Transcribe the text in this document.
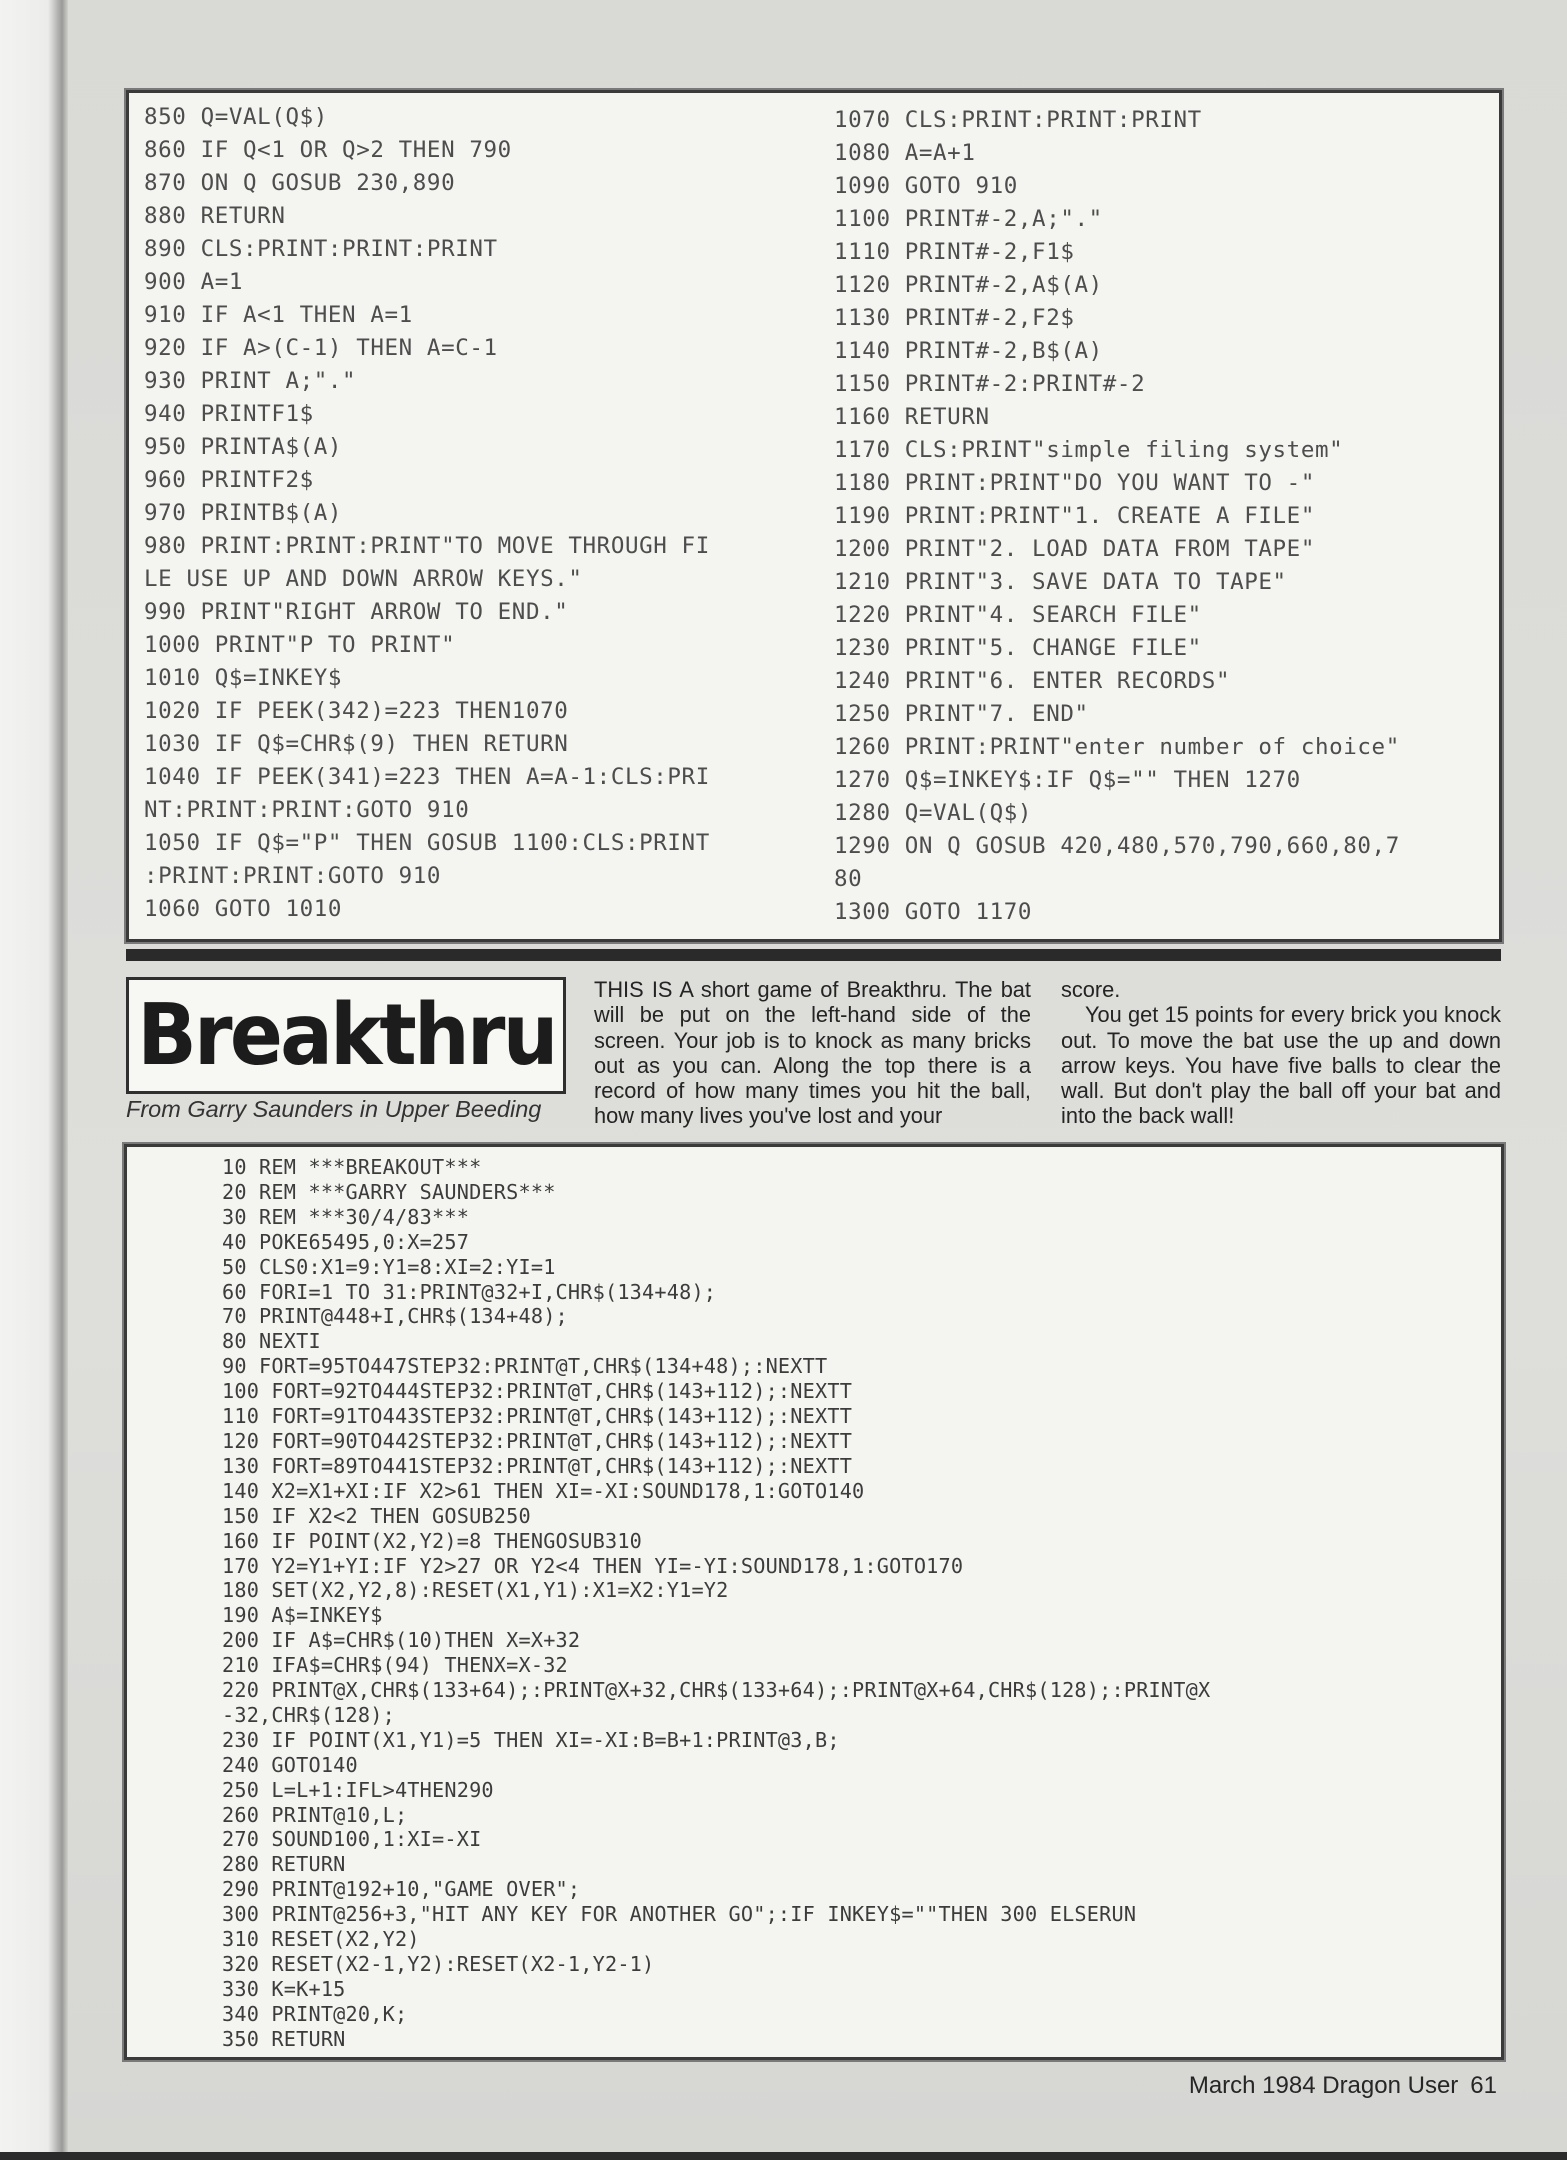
850 Q=VAL(Q$)
860 IF Q<1 OR Q>2 THEN 790
870 ON Q GOSUB 230,890
880 RETURN
890 CLS:PRINT:PRINT:PRINT
900 A=1
910 IF A<1 THEN A=1
920 IF A>(C-1) THEN A=C-1
930 PRINT A;"."
940 PRINTF1$
950 PRINTA$(A)
960 PRINTF2$
970 PRINTB$(A)
980 PRINT:PRINT:PRINT"TO MOVE THROUGH FI
LE USE UP AND DOWN ARROW KEYS."
990 PRINT"RIGHT ARROW TO END."
1000 PRINT"P TO PRINT"
1010 Q$=INKEY$
1020 IF PEEK(342)=223 THEN1070
1030 IF Q$=CHR$(9) THEN RETURN
1040 IF PEEK(341)=223 THEN A=A-1:CLS:PRI
NT:PRINT:PRINT:GOTO 910
1050 IF Q$="P" THEN GOSUB 1100:CLS:PRINT
:PRINT:PRINT:GOTO 910
1060 GOTO 1010
1070 CLS:PRINT:PRINT:PRINT
1080 A=A+1
1090 GOTO 910
1100 PRINT#-2,A;"."
1110 PRINT#-2,F1$
1120 PRINT#-2,A$(A)
1130 PRINT#-2,F2$
1140 PRINT#-2,B$(A)
1150 PRINT#-2:PRINT#-2
1160 RETURN
1170 CLS:PRINT"simple filing system"
1180 PRINT:PRINT"DO YOU WANT TO -"
1190 PRINT:PRINT"1. CREATE A FILE"
1200 PRINT"2. LOAD DATA FROM TAPE"
1210 PRINT"3. SAVE DATA TO TAPE"
1220 PRINT"4. SEARCH FILE"
1230 PRINT"5. CHANGE FILE"
1240 PRINT"6. ENTER RECORDS"
1250 PRINT"7. END"
1260 PRINT:PRINT"enter number of choice"
1270 Q$=INKEY$:IF Q$="" THEN 1270
1280 Q=VAL(Q$)
1290 ON Q GOSUB 420,480,570,790,660,80,7
80
1300 GOTO 1170
Breakthru
From Garry Saunders in Upper Beeding

THIS IS A short game of Breakthru. The bat will be put on the left-hand side of the screen. Your job is to knock as many bricks out as you can. Along the top there is a record of how many times you hit the ball, how many lives you've lost and your

score.

You get 15 points for every brick you knock out. To move the bat use the up and down arrow keys. You have five balls to clear the wall. But don't play the ball off your bat and into the back wall!

10 REM ***BREAKOUT***
20 REM ***GARRY SAUNDERS***
30 REM ***30/4/83***
40 POKE65495,0:X=257
50 CLS0:X1=9:Y1=8:XI=2:YI=1
60 FORI=1 TO 31:PRINT@32+I,CHR$(134+48);
70 PRINT@448+I,CHR$(134+48);
80 NEXTI
90 FORT=95TO447STEP32:PRINT@T,CHR$(134+48);:NEXTT
100 FORT=92TO444STEP32:PRINT@T,CHR$(143+112);:NEXTT
110 FORT=91TO443STEP32:PRINT@T,CHR$(143+112);:NEXTT
120 FORT=90TO442STEP32:PRINT@T,CHR$(143+112);:NEXTT
130 FORT=89TO441STEP32:PRINT@T,CHR$(143+112);:NEXTT
140 X2=X1+XI:IF X2>61 THEN XI=-XI:SOUND178,1:GOTO140
150 IF X2<2 THEN GOSUB250
160 IF POINT(X2,Y2)=8 THENGOSUB310
170 Y2=Y1+YI:IF Y2>27 OR Y2<4 THEN YI=-YI:SOUND178,1:GOTO170
180 SET(X2,Y2,8):RESET(X1,Y1):X1=X2:Y1=Y2
190 A$=INKEY$
200 IF A$=CHR$(10)THEN X=X+32
210 IFA$=CHR$(94) THENX=X-32
220 PRINT@X,CHR$(133+64);:PRINT@X+32,CHR$(133+64);:PRINT@X+64,CHR$(128);:PRINT@X
-32,CHR$(128);
230 IF POINT(X1,Y1)=5 THEN XI=-XI:B=B+1:PRINT@3,B;
240 GOTO140
250 L=L+1:IFL>4THEN290
260 PRINT@10,L;
270 SOUND100,1:XI=-XI
280 RETURN
290 PRINT@192+10,"GAME OVER";
300 PRINT@256+3,"HIT ANY KEY FOR ANOTHER GO";:IF INKEY$=""THEN 300 ELSERUN
310 RESET(X2,Y2)
320 RESET(X2-1,Y2):RESET(X2-1,Y2-1)
330 K=K+15
340 PRINT@20,K;
350 RETURN
March 1984 Dragon User 61
